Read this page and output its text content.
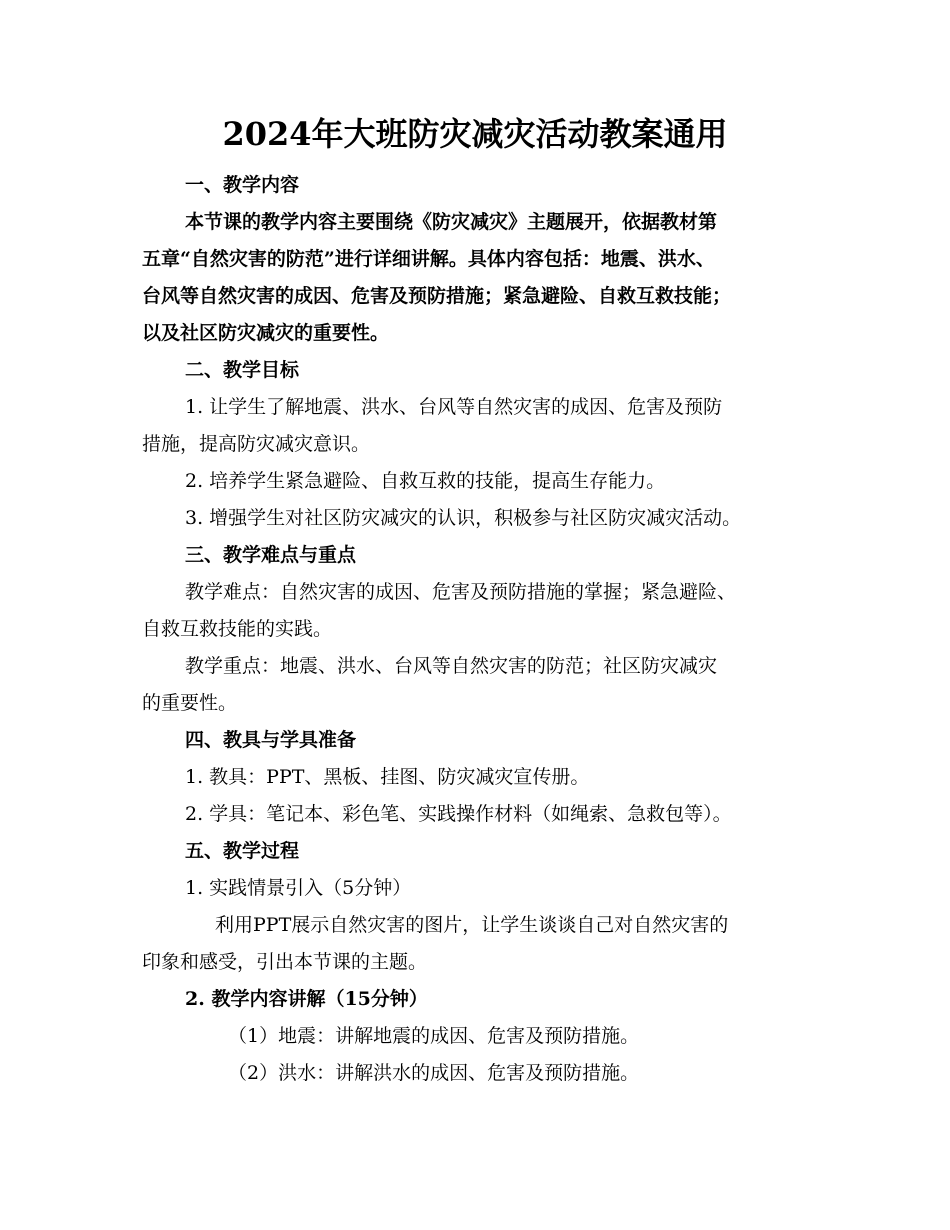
2024年大班防灾减灾活动教案通用

一、教学内容

本节课的教学内容主要围绕《防灾减灾》主题展开，依据教材第

五章“自然灾害的防范”进行详细讲解。具体内容包括：地震、洪水、

台风等自然灾害的成因、危害及预防措施；紧急避险、自救互救技能；

以及社区防灾减灾的重要性。

二、教学目标

1. 让学生了解地震、洪水、台风等自然灾害的成因、危害及预防

措施，提高防灾减灾意识。

2. 培养学生紧急避险、自救互救的技能，提高生存能力。

3. 增强学生对社区防灾减灾的认识，积极参与社区防灾减灾活动。

三、教学难点与重点

教学难点：自然灾害的成因、危害及预防措施的掌握；紧急避险、

自救互救技能的实践。

教学重点：地震、洪水、台风等自然灾害的防范；社区防灾减灾

的重要性。

四、教具与学具准备

1. 教具：PPT、黑板、挂图、防灾减灾宣传册。

2. 学具：笔记本、彩色笔、实践操作材料（如绳索、急救包等）。

五、教学过程

1. 实践情景引入（5分钟）

利用PPT展示自然灾害的图片，让学生谈谈自己对自然灾害的

印象和感受，引出本节课的主题。

2. 教学内容讲解（15分钟）

（1）地震：讲解地震的成因、危害及预防措施。

（2）洪水：讲解洪水的成因、危害及预防措施。
